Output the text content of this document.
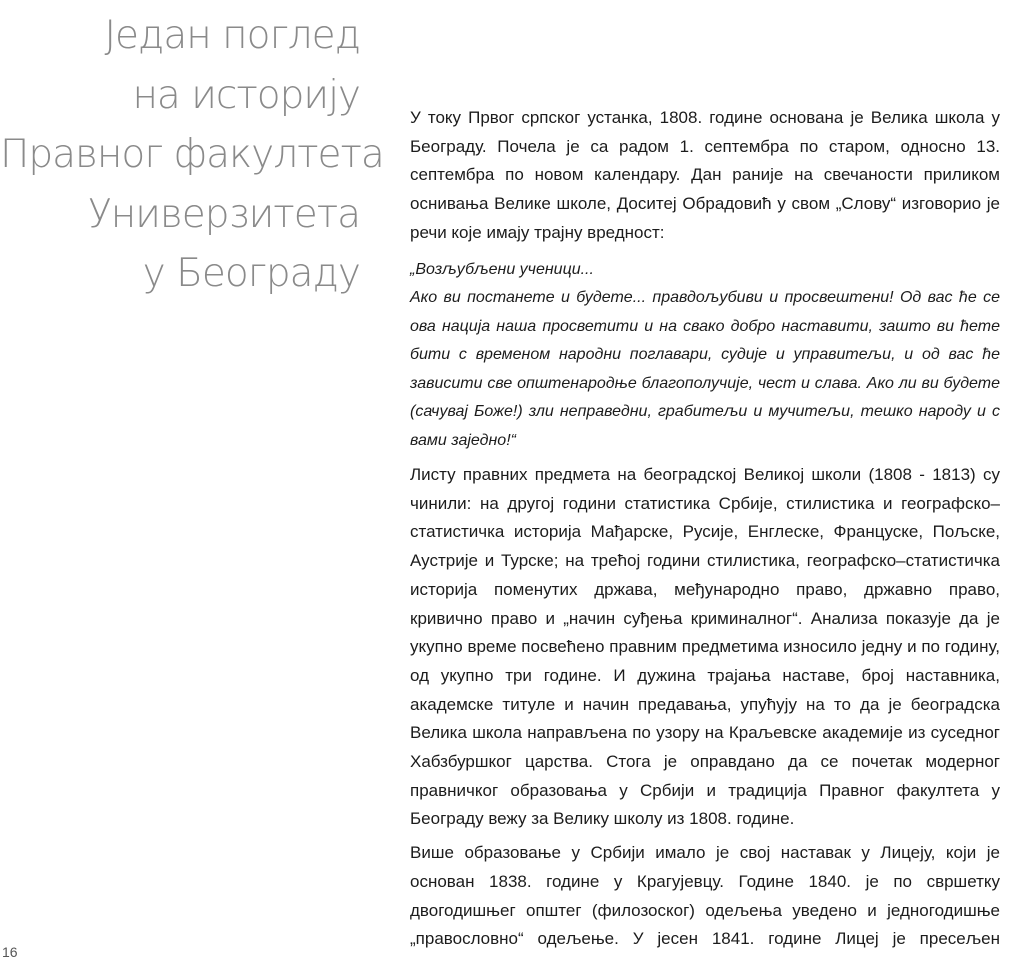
Један поглед
на историју
Правног факултета
Универзитета
у Београду

У току Првог српског устанка, 1808. године основана је Велика школа у Београду. Почела је са радом 1. септембра по старом, односно 13. септембра по новом календару. Дан раније на свечаности приликом оснивања Велике школе, Доситеј Обрадовић у свом „Слову“ изговорио је речи које имају трајну вредност:

„Возљубљени ученици...

Ако ви постанете и будете... правдољубиви и просвештени! Од вас ће се ова нација наша просветити и на свако добро наставити, зашто ви ћете бити с временом народни поглавари, судије и управитељи, и од вас ће зависити све општенародње благополучије, чест и слава. Ако ли ви будете (сачувај Боже!) зли неправедни, грабитељи и мучитељи, тешко народу и с вами заједно!“

Листу правних предмета на београдској Великој школи (1808 - 1813) су чинили: на другој години статистика Србије, стилистика и географско–статистичка историја Мађарске, Русије, Енглеске, Француске, Пољске, Аустрије и Турске; на трећој години стилистика, географско–статистичка историја поменутих држава, међународно право, државно право, кривично право и „начин суђења криминалног“. Анализа показује да је укупно време посвећено правним предметима износило једну и по годину, од укупно три године. И дужина трајања наставе, број наставника, академске титуле и начин предавања, упућују на то да је београдска Велика школа направљена по узору на Краљевске академије из суседног Хабзбуршког царства. Стога је оправдано да се почетак модерног правничког образовања у Србији и традиција Правног факултета у Београду вежу за Велику школу из 1808. године.

Више образовање у Србији имало је свој наставак у Лицеју, који је основан 1838. године у Крагујевцу. Године 1840. је по свршетку двогодишњег општег (филозоског) одељења уведено и једногодишње „правословно“ одељење. У јесен 1841. године Лицеј је пресељен

16
